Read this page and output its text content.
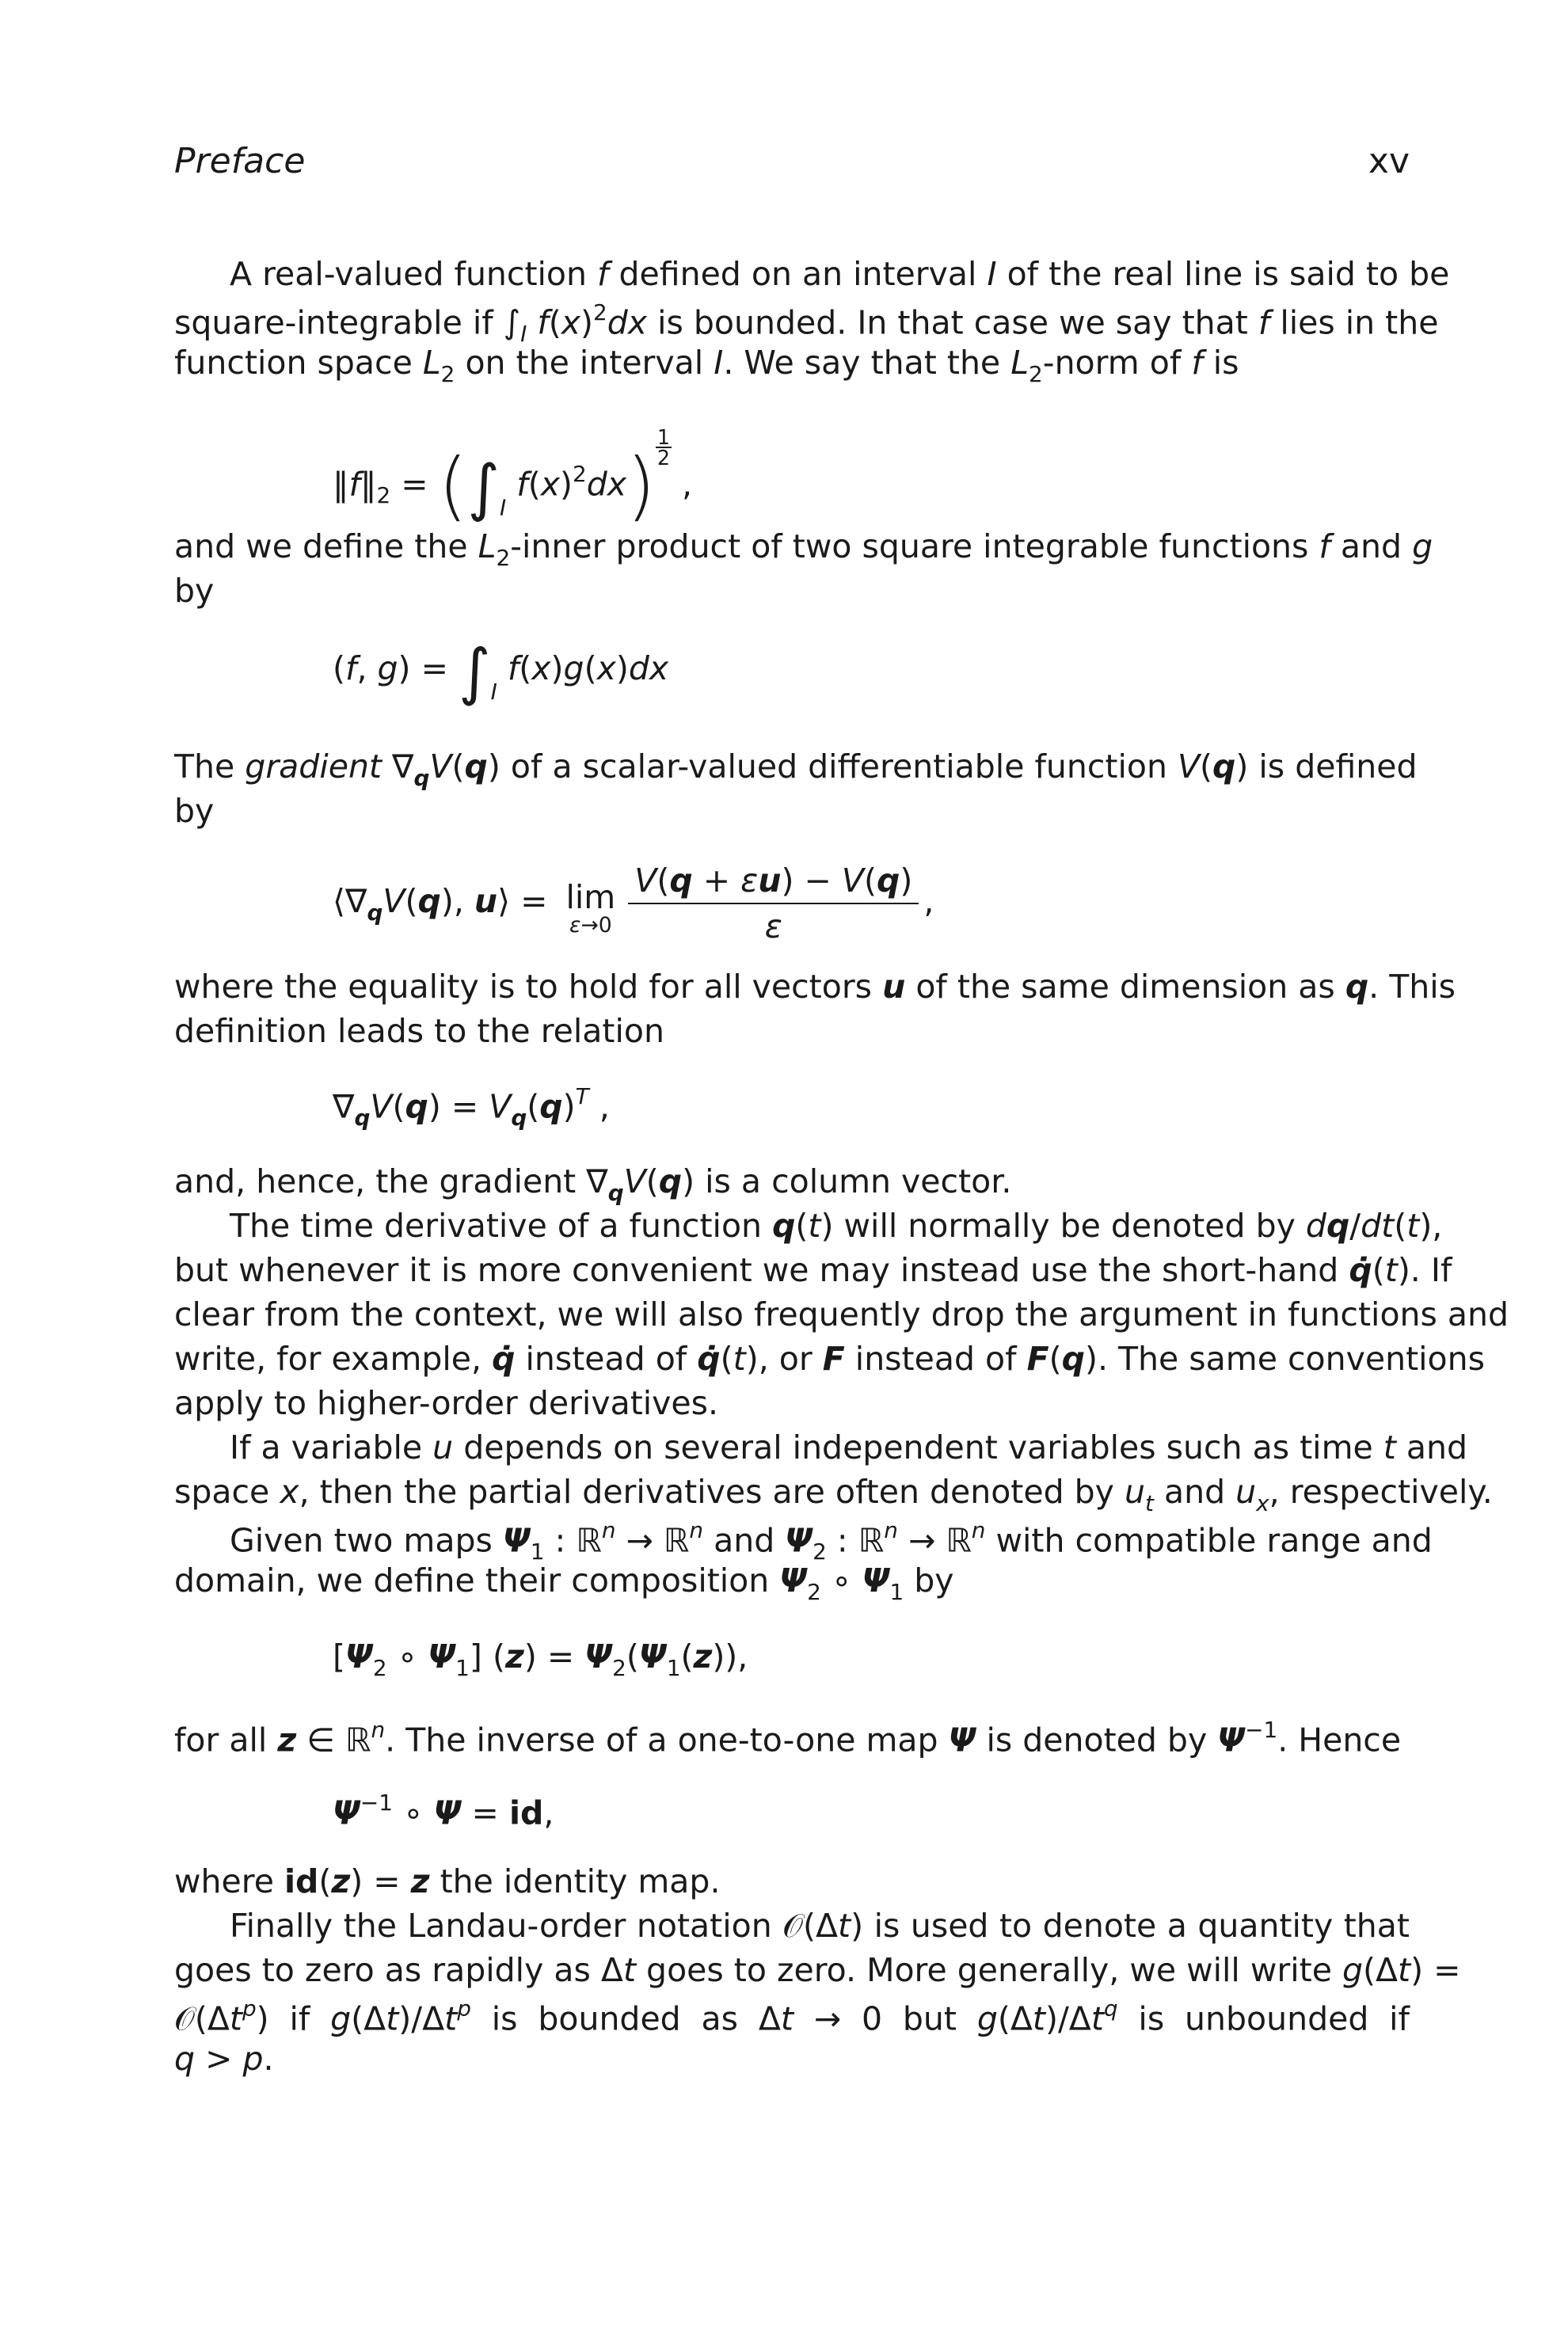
Preface	xv
A real-valued function f defined on an interval I of the real line is said to be
square-integrable if $\int_I$ $f(x)^2dx$ is bounded. In that case we say that f lies in the
function space $L_2$ on the interval I. We say that the $L_2$-norm of f is
$‖f‖_2 = (\int_I$ $f(x)^2dx) \frac{1}{2}$ ,
and we define the $L_2$-inner product of two square integrable functions f and g
by
(f, $g) = \int_I$ f(x)g(x)dx
The gradient $\nabla_qV(q)$ of a scalar-valued differentiable function V(q) is defined
by
$⟨\nabla_qV(q)$, u⟩ = lim
$\varepsilon\to 0 \frac{V(q + \varepsilon u) - V(q)}{\varepsilon}$ ,
where the equality is to hold for all vectors u of the same dimension as q. This
definition leads to the relation
$\nabla_qV(q) = V_q(q)^T$ ,
and, hence, the gradient $\nabla_qV(q)$ is a column vector.
The time derivative of a function q(t) will normally be denoted by dq/dt(t),
but whenever it is more convenient we may instead use the short-hand q̇(t). If
clear from the context, we will also frequently drop the argument in functions and
write, for example, q̇ instead of q̇(t), or F instead of F(q). The same conventions
apply to higher-order derivatives.
If a variable u depends on several independent variables such as time t and
space x, then the partial derivatives are often denoted by $u_t$ and $u_x$, respectively.
Given two maps $\Psi_1$ : ℝ$^n$ → ℝ$^n$ and $\Psi_2$ : ℝ$^n$ → ℝ$^n$ with compatible range and
domain, we define their composition $\Psi_2$ ∘ $\Psi_1$ by
[$\Psi_2$ ∘ $\Psi_1$] $(z) = \Psi_2(\Psi_1(z))$,
for all z ∈ ℝ$^n$. The inverse of a one-to-one map Ψ is denoted by $\Psi^{-1}$. Hence
$\Psi^{-1}$ ∘ Ψ = id,
where id(z) = z the identity map.
Finally the Landau-order notation 𝒪(Δt) is used to denote a quantity that
goes to zero as rapidly as Δt goes to zero. More generally, we will write g(Δt) =
$𝒪(\Delta t^p)$ if $g(\Delta t)/\Delta t^p$ is bounded as Δt → 0 but $g(\Delta t)/\Delta t^q$ is unbounded if
q > p.
